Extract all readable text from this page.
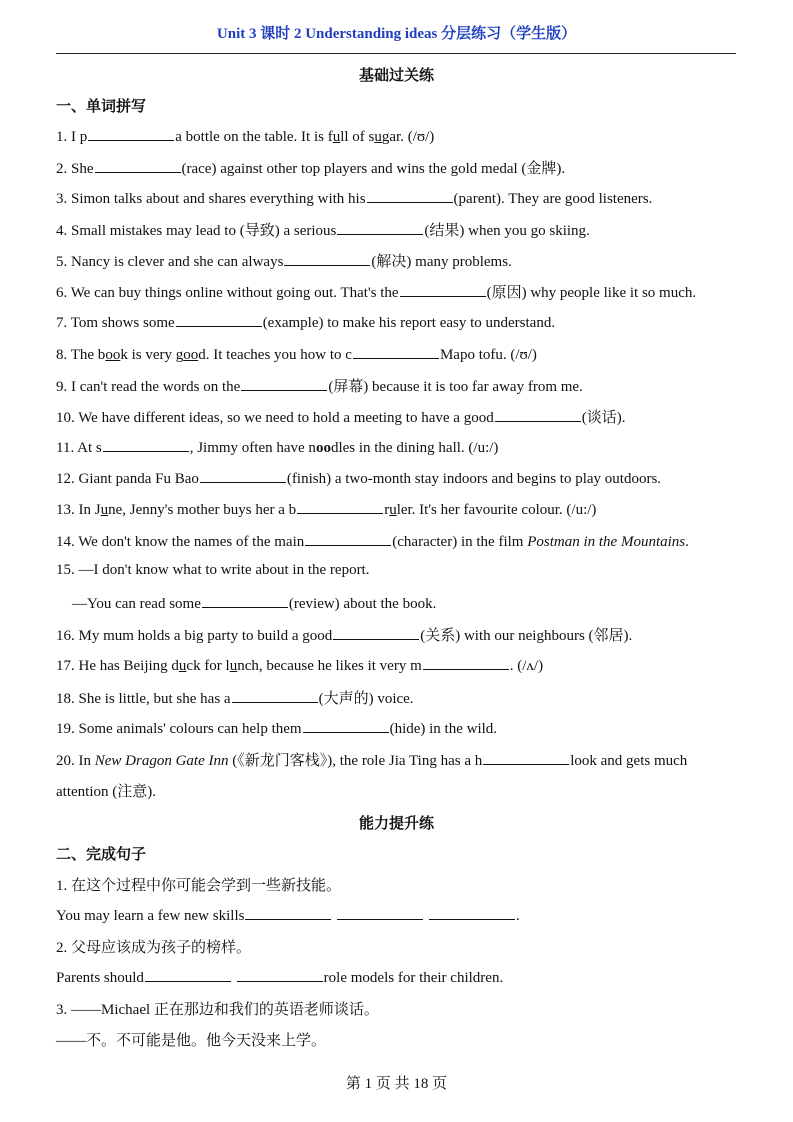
Unit 3 课时 2 Understanding ideas 分层练习（学生版）
基础过关练
一、单词拼写
1. I p	a bottle on the table. It is full of sugar. (/ʊ/)
2. She	(race) against other top players and wins the gold medal (金牌).
3. Simon talks about and shares everything with his	(parent). They are good listeners.
4. Small mistakes may lead to (导致) a serious	(结果) when you go skiing.
5. Nancy is clever and she can always	(解决) many problems.
6. We can buy things online without going out. That's the	(原因) why people like it so much.
7. Tom shows some	(example) to make his report easy to understand.
8. The book is very good. It teaches you how to c	Mapo tofu. (/ʊ/)
9. I can't read the words on the	(屏幕) because it is too far away from me.
10. We have different ideas, so we need to hold a meeting to have a good	(谈话).
11. At s	, Jimmy often have noodles in the dining hall. (/u:/)
12. Giant panda Fu Bao	(finish) a two-month stay indoors and begins to play outdoors.
13. In June, Jenny's mother buys her a b	ruler. It's her favourite colour. (/u:/)
14. We don't know the names of the main	(character) in the film Postman in the Mountains.
15. —I don't know what to write about in the report.
—You can read some	(review) about the book.
16. My mum holds a big party to build a good	(关系) with our neighbours (邻居).
17. He has Beijing duck for lunch, because he likes it very m	. (/ʌ/)
18. She is little, but she has a	(大声的) voice.
19. Some animals' colours can help them	(hide) in the wild.
20. In New Dragon Gate Inn (《新龙门客栈》), the role Jia Ting has a h	look and gets much
attention (注意).
能力提升练
二、完成句子
1. 在这个过程中你可能会学到一些新技能。
You may learn a few new skills	.
2. 父母应该成为孩子的榜样。
Parents should	role models for their children.
3. ——Michael 正在那边和我们的英语老师谈话。
——不。不可能是他。他今天没来上学。
第 1 页 共 18 页
